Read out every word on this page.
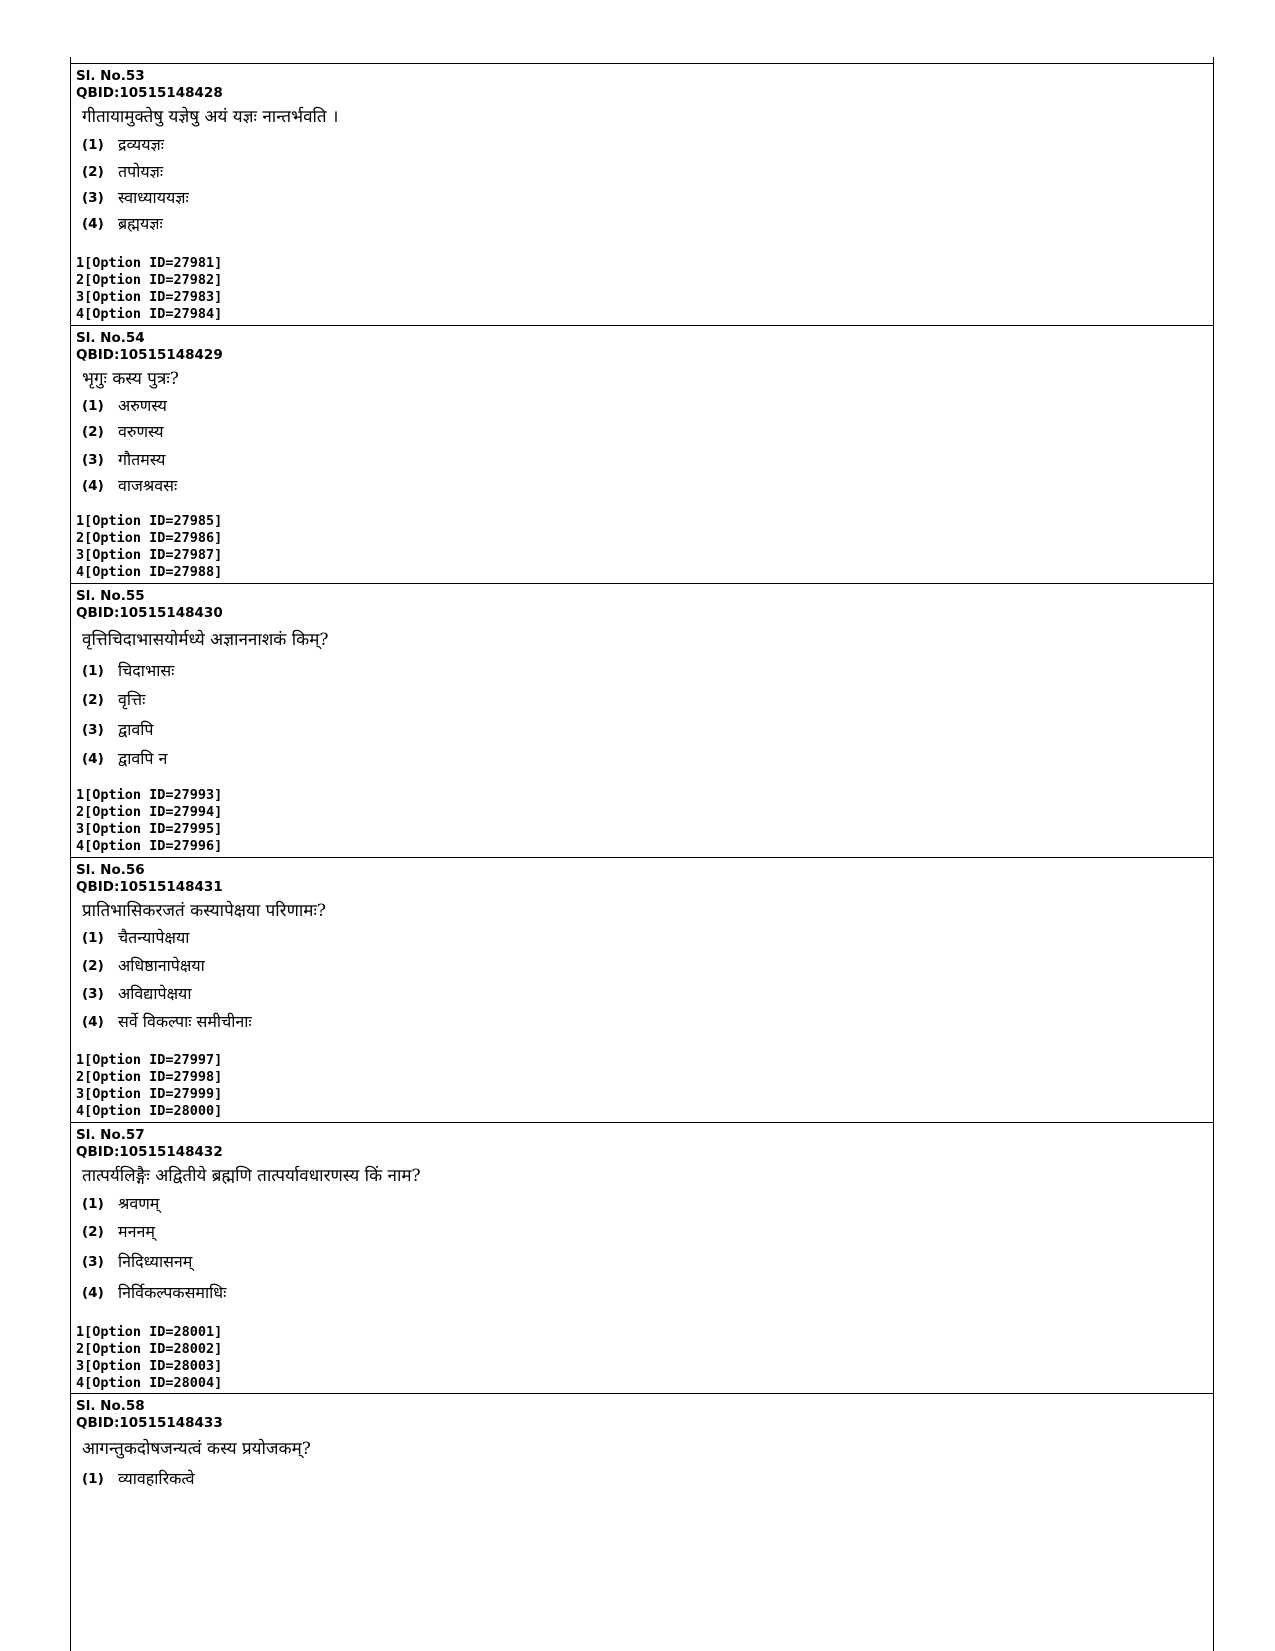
Sl. No.53
QBID:10515148428
गीतायामुक्तेषु यज्ञेषु अयं यज्ञः नान्तर्भवति ।
(1) द्रव्ययज्ञः
(2) तपोयज्ञः
(3) स्वाध्याययज्ञः
(4) ब्रह्मयज्ञः
1[Option ID=27981]
2[Option ID=27982]
3[Option ID=27983]
4[Option ID=27984]
Sl. No.54
QBID:10515148429
भृगुः कस्य पुत्रः?
(1) अरुणस्य
(2) वरुणस्य
(3) गौतमस्य
(4) वाजश्रवसः
1[Option ID=27985]
2[Option ID=27986]
3[Option ID=27987]
4[Option ID=27988]
Sl. No.55
QBID:10515148430
वृत्तिचिदाभासयोर्मध्ये अज्ञाननाशकं किम्?
(1) चिदाभासः
(2) वृत्तिः
(3) द्वावपि
(4) द्वावपि न
1[Option ID=27993]
2[Option ID=27994]
3[Option ID=27995]
4[Option ID=27996]
Sl. No.56
QBID:10515148431
प्रातिभासिकरजतं कस्यापेक्षया परिणामः?
(1) चैतन्यापेक्षया
(2) अधिष्ठानापेक्षया
(3) अविद्यापेक्षया
(4) सर्वे विकल्पाः समीचीनाः
1[Option ID=27997]
2[Option ID=27998]
3[Option ID=27999]
4[Option ID=28000]
Sl. No.57
QBID:10515148432
तात्पर्यलिङ्गैः अद्वितीये ब्रह्मणि तात्पर्यावधारणस्य किं नाम?
(1) श्रवणम्
(2) मननम्
(3) निदिध्यासनम्
(4) निर्विकल्पकसमाधिः
1[Option ID=28001]
2[Option ID=28002]
3[Option ID=28003]
4[Option ID=28004]
Sl. No.58
QBID:10515148433
आगन्तुकदोषजन्यत्वं कस्य प्रयोजकम्?
(1) व्यावहारिकत्वे
